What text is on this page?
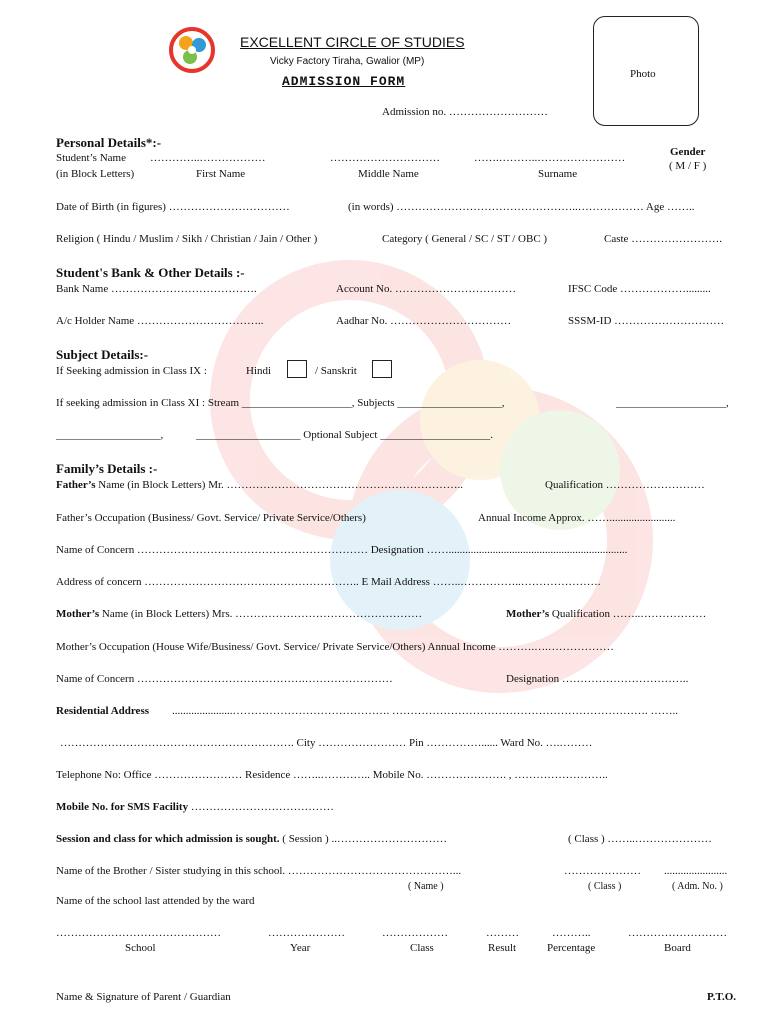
EXCELLENT CIRCLE OF STUDIES
Vicky Factory Tiraha, Gwalior (MP)
ADMISSION FORM	Photo
Admission no. ………………………
Personal Details*:-
Student’s Name …………..………………	…………………………	…….………..……………………	Gender
( M / F )
(in Block Letters)	First Name	Middle Name	Surname
Date of Birth (in figures) ……………………………	(in words) …………………………………………..……………… Age ……..
Religion ( Hindu / Muslim / Sikh / Christian / Jain / Other )	Category ( General / SC / ST / OBC )	Caste …………………….
Student's Bank & Other Details :-
Bank Name ………………………………….	Account No. ……………………………	IFSC Code ……………….........
A/c Holder Name ……………………………..	Aadhar No. ……………………………	SSSM-ID …………………………
Subject Details:-
If Seeking admission in Class IX :	Hindi	/ Sanskrit
If seeking admission in Class XI : Stream ____________________, Subjects ___________________,	____________________,
___________________,	___________________ Optional Subject ____________________.
Family’s Details :-
Father’s Name (in Block Letters) Mr. ………………………………………………………..	Qualification ………………………
Father’s Occupation (Business/ Govt. Service/ Private Service/Others)	Annual Income Approx. ……........................
Name of Concern ……………………………………………………… Designation …….................................................................
Address of concern ………………………………………………….. E Mail Address ……..……………..………………….
Mother’s Name (in Block Letters) Mrs. ……………………………………………	Mother’s Qualification ……..………………
Mother’s Occupation (House Wife/Business/ Govt. Service/ Private Service/Others) Annual Income ……….….………………
Name of Concern ……………………………………….……………………	Designation ……………………………..
Residential Address ......................……………………………………. ……………………………………………………………. ……..
………………………………………………………. City …………………… Pin ……………...... Ward No. ….………
Telephone No: Office …………………… Residence ……..………….. Mobile No. …………………. , ……………………..
Mobile No. for SMS Facility …………………………………
Session and class for which admission is sought. ( Session ) ..…………………………	( Class ) ……..…………………
Name of the Brother / Sister studying in this school. ………………………………………...	………………… .......................
( Name )	( Class )	( Adm. No. )
Name of the school last attended by the ward
………………………………………	…………………	………………	………	………..	………………………
School	Year	Class	Result	Percentage	Board
Name & Signature of Parent / Guardian	P.T.O.
